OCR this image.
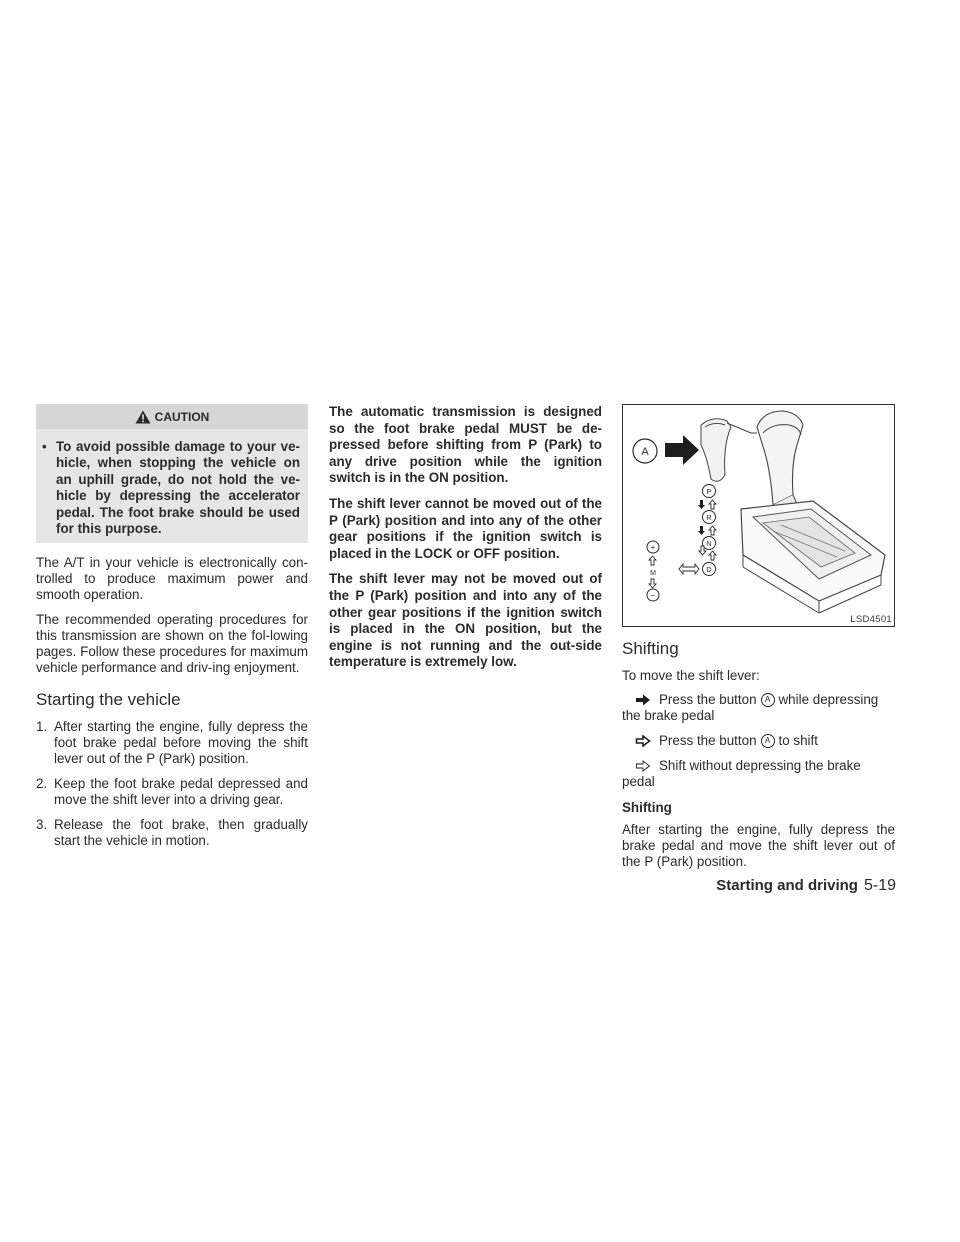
CAUTION
• To avoid possible damage to your ve-hicle, when stopping the vehicle on an uphill grade, do not hold the ve-hicle by depressing the accelerator pedal. The foot brake should be used for this purpose.

The A/T in your vehicle is electronically con-trolled to produce maximum power and smooth operation.

The recommended operating procedures for this transmission are shown on the fol-lowing pages. Follow these procedures for maximum vehicle performance and driv-ing enjoyment.

Starting the vehicle
1. After starting the engine, fully depress the foot brake pedal before moving the shift lever out of the P (Park) position.
2. Keep the foot brake pedal depressed and move the shift lever into a driving gear.
3. Release the foot brake, then gradually start the vehicle in motion.

The automatic transmission is designed so the foot brake pedal MUST be de-pressed before shifting from P (Park) to any drive position while the ignition switch is in the ON position.

The shift lever cannot be moved out of the P (Park) position and into any of the other gear positions if the ignition switch is placed in the LOCK or OFF position.

The shift lever may not be moved out of the P (Park) position and into any of the other gear positions if the ignition switch is placed in the ON position, but the engine is not running and the out-side temperature is extremely low.

A
P
R
N
D
+
M
−
LSD4501
Shifting

To move the shift lever:

Press the button	A while depressing
the brake pedal
Press the button	A to shift
Shift without depressing the brake
pedal
Shifting

After starting the engine, fully depress the brake pedal and move the shift lever out of the P (Park) position.

Starting and driving 5-19
